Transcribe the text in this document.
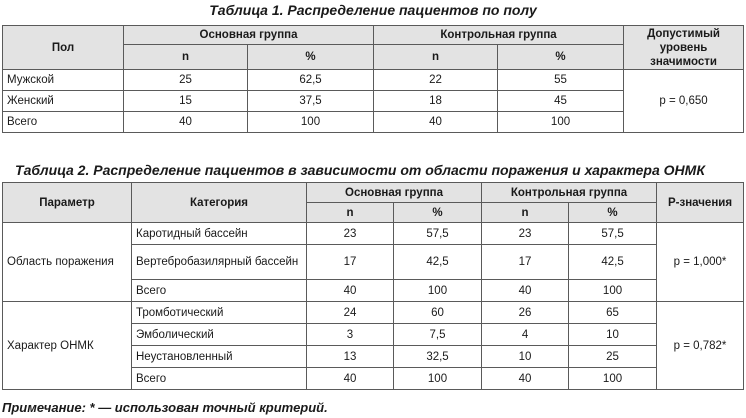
Таблица 1. Распределение пациентов по полу
Пол	Основная группа		Контрольная группа		Допустимый уровень значимости
	n	%	n	%	
Мужской	25	62,5	22	55	p = 0,650
Женский	15	37,5	18	45	
Всего	40	100	40	100	
Таблица 2. Распределение пациентов в зависимости от области поражения и характера ОНМК
Параметр	Категория	Основная группа		Контрольная группа		Р-значения
		n	%	n	%	
Область поражения	Каротидный бассейн	23	57,5	23	57,5	p = 1,000*
	Вертебробазилярный бассейн	17	42,5	17	42,5	
	Всего	40	100	40	100	
Характер ОНМК	Тромботический	24	60	26	65	p = 0,782*
	Эмболический	3	7,5	4	10	
	Неустановленный	13	32,5	10	25	
	Всего	40	100	40	100	
Примечание: * — использован точный критерий.
